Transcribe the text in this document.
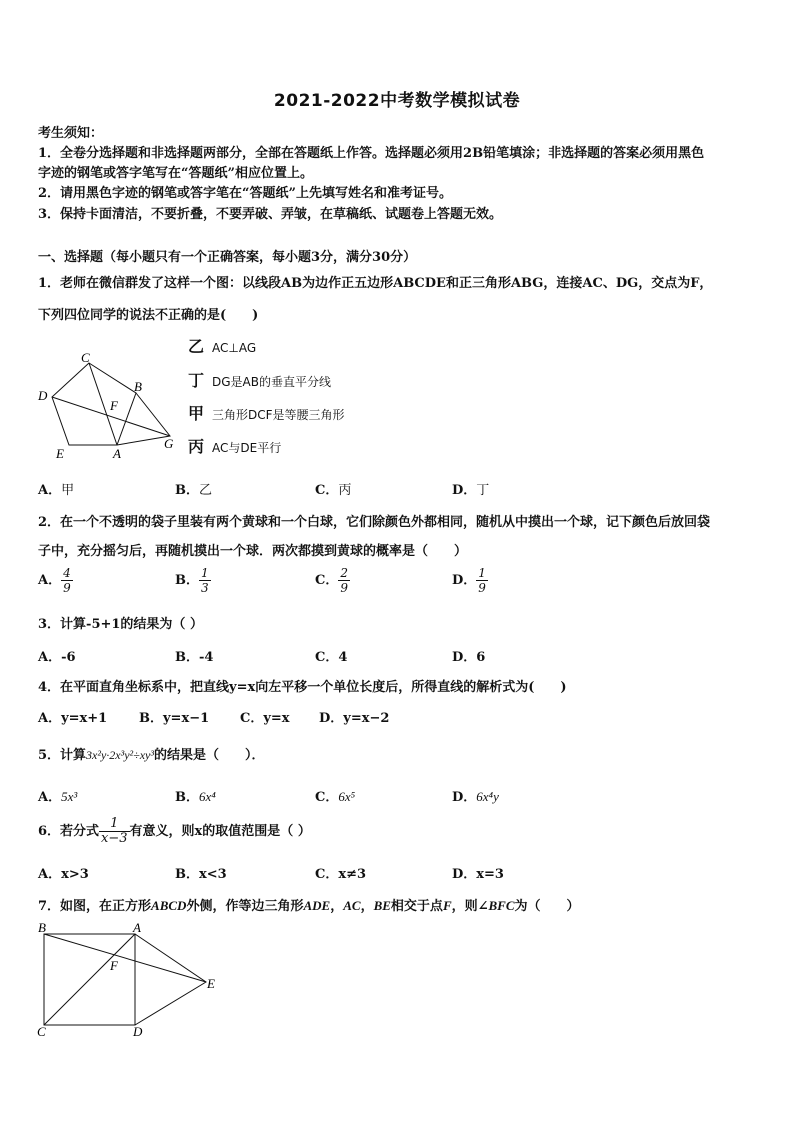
2021-2022中考数学模拟试卷
考生须知：
1．全卷分选择题和非选择题两部分，全部在答题纸上作答。选择题必须用2B铅笔填涂；非选择题的答案必须用黑色
字迹的钢笔或答字笔写在“答题纸”相应位置上。
2．请用黑色字迹的钢笔或答字笔在“答题纸”上先填写姓名和准考证号。
3．保持卡面清洁，不要折叠，不要弄破、弄皱，在草稿纸、试题卷上答题无效。
一、选择题（每小题只有一个正确答案，每小题3分，满分30分）
1．老师在微信群发了这样一个图：以线段AB为边作正五边形ABCDE和正三角形ABG，连接AC、DG，交点为F，
下列四位同学的说法不正确的是(　　)
C
B
D
F
E	A
G
乙 AC⊥AG
丁 DG是AB的垂直平分线
甲 三角形DCF是等腰三角形
丙 AC与DE平行
A．甲	B．乙	C．丙	D．丁
2．在一个不透明的袋子里装有两个黄球和一个白球，它们除颜色外都相同，随机从中摸出一个球，记下颜色后放回袋
子中，充分摇匀后，再随机摸出一个球．两次都摸到黄球的概率是（　　）
A． $\frac{4}{9}$	B． $\frac{1}{3}$	C． $\frac{2}{9}$	D． $\frac{1}{9}$
3．计算-5+1的结果为（ ）
A．-6	B．-4	C．4	D．6
4．在平面直角坐标系中，把直线y=x向左平移一个单位长度后，所得直线的解析式为(　　)
A．y=x+1 B．y=x−1 C．y=x D．y=x−2
5．计算3x²y·2x³y²÷xy³的结果是（　　）．
A．5x³	B．6x⁴	C．6x⁵	D．6x⁴y
6．若分式 $\frac{1}{x-3}$ 有意义，则x的取值范围是（ ）
A．x>3	B．x<3	C．x≠3	D．x=3
7．如图，在正方形ABCD外侧，作等边三角形ADE，AC，BE相交于点F，则∠BFC为（　　）
B	A
F
E
C	D
